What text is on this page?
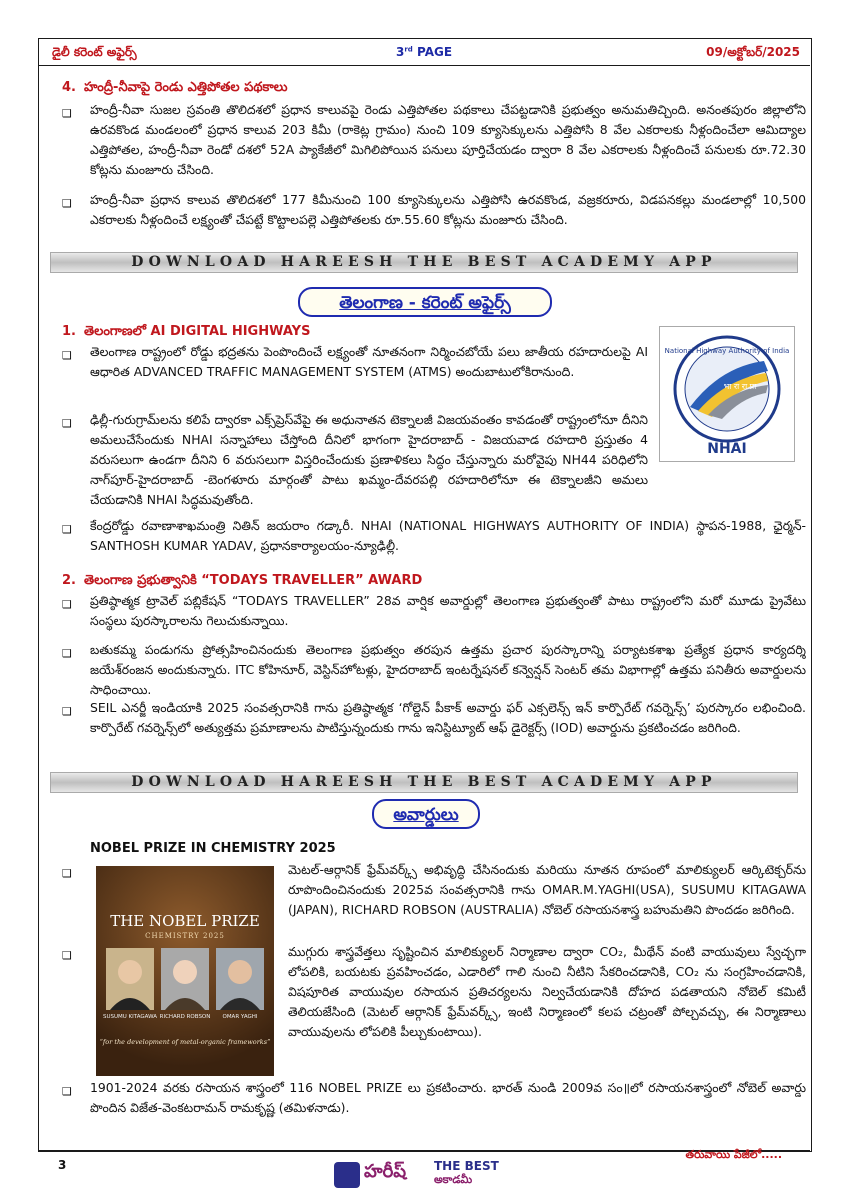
డైలీ కరెంట్ అఫైర్స్	3rd PAGE	09/అక్టోబర్/2025
4. హంద్రీ-నీవాపై రెండు ఎత్తిపోతల పథకాలు
❑
హంద్రీ-నీవా సుజల స్రవంతి తొలిదశలో ప్రధాన కాలువపై రెండు ఎత్తిపోతల పథకాలు చేపట్టడానికి ప్రభుత్వం అనుమతిచ్చింది. అనంతపురం జిల్లాలోని ఉరవకొండ మండలంలో ప్రధాన కాలువ 203 కిమీ (రాకెట్ల గ్రామం) నుంచి 109 క్యూసెక్కులను ఎత్తిపోసి 8 వేల ఎకరాలకు నీళ్లందించేలా ఆమిద్యాల ఎత్తిపోతల, హంద్రీ-నీవా రెండో దశలో 52A ప్యాకేజీలో మిగిలిపోయిన పనులు పూర్తిచేయడం ద్వారా 8 వేల ఎకరాలకు నీళ్లందించే పనులకు రూ.72.30 కోట్లను మంజూరు చేసింది.
❑
హంద్రీ-నీవా ప్రధాన కాలువ తొలిదశలో 177 కిమీనుంచి 100 క్యూసెక్కులను ఎత్తిపోసి ఉరవకొండ, వజ్రకరూరు, విడపనకల్లు మండలాల్లో 10,500 ఎకరాలకు నీళ్లందించే లక్ష్యంతో చేపట్టే కొట్టాలపల్లె ఎత్తిపోతలకు రూ.55.60 కోట్లను మంజూరు చేసింది.
DOWNLOAD HAREESH THE BEST ACADEMY APP
తెలంగాణ - కరెంట్ అఫైర్స్
1. తెలంగాణలో AI DIGITAL HIGHWAYS
❑
తెలంగాణ రాష్ట్రంలో రోడ్డు భద్రతను పెంపొందించే లక్ష్యంతో నూతనంగా నిర్మించబోయే పలు జాతీయ రహదారులపై AI ఆధారిత ADVANCED TRAFFIC MANAGEMENT SYSTEM (ATMS) అందుబాటులోకిరానుంది.
❑
ఢిల్లీ-గురుగ్రామ్‌లను కలిపే ద్వారకా ఎక్స్‌ప్రెస్‌వేపై ఈ అధునాతన టెక్నాలజీ విజయవంతం కావడంతో రాష్ట్రంలోనూ దీనిని అమలుచేసేందుకు NHAI సన్నాహాలు చేస్తోంది దీనిలో భాగంగా హైదరాబాద్ - విజయవాడ రహదారి ప్రస్తుతం 4 వరుసలుగా ఉండగా దీనిని 6 వరుసలుగా విస్తరించేందుకు ప్రణాళికలు సిద్ధం చేస్తున్నారు మరోవైపు NH44 పరిధిలోని నాగ్‌పూర్-హైదరాబాద్ -బెంగళూరు మార్గంతో పాటు ఖమ్మం-దేవరపల్లి రహదారిలోనూ ఈ టెక్నాలజీని అమలు చేయడానికి NHAI సిద్ధమవుతోంది.
❑
కేంద్రరోడ్డు రవాణాశాఖమంత్రి నితిన్ జయరాం గడ్కారీ. NHAI (NATIONAL HIGHWAYS AUTHORITY OF INDIA) స్థాపన-1988, ఛైర్మన్-SANTHOSH KUMAR YADAV, ప్రధానకార్యాలయం-న్యూఢిల్లీ.
National Highway Authority of India
भा रा रा प्रा
NHAI
2. తెలంగాణ ప్రభుత్వానికి “TODAYS TRAVELLER” AWARD
❑
ప్రతిష్ఠాత్మక ట్రావెల్ పబ్లికేషన్ “TODAYS TRAVELLER” 28వ వార్షిక అవార్డుల్లో తెలంగాణ ప్రభుత్వంతో పాటు రాష్ట్రంలోని మరో మూడు ప్రైవేటు సంస్థలు పురస్కారాలను గెలుచుకున్నాయి.
❑
బతుకమ్మ పండుగను ప్రోత్సహించినందుకు తెలంగాణ ప్రభుత్వం తరపున ఉత్తమ ప్రచార పురస్కారాన్ని పర్యాటకశాఖ ప్రత్యేక ప్రధాన కార్యదర్శి జయేశ్‌రంజన అందుకున్నారు. ITC కోహినూర్, వెస్టిన్‌హోటళ్లు, హైదరాబాద్ ఇంటర్నేషనల్ కన్వెన్షన్ సెంటర్ తమ విభాగాల్లో ఉత్తమ పనితీరు అవార్డులను సాధించాయి.
❑
SEIL ఎనర్జీ ఇండియాకి 2025 సంవత్సరానికి గాను ప్రతిష్ఠాత్మక ‘గోల్డెన్ పీకాక్ అవార్డు ఫర్ ఎక్సలెన్స్ ఇన్ కార్పొరేట్ గవర్నెన్స్’ పురస్కారం లభించింది. కార్పొరేట్ గవర్నెన్స్‌లో అత్యుత్తమ ప్రమాణాలను పాటిస్తున్నందుకు గాను ఇనిస్టిట్యూట్ ఆఫ్ డైరెక్టర్స్ (IOD) అవార్డును ప్రకటించడం జరిగింది.
DOWNLOAD HAREESH THE BEST ACADEMY APP
అవార్డులు
NOBEL PRIZE IN CHEMISTRY 2025
❑
మెటల్-ఆర్గానిక్ ఫ్రేమ్‌వర్క్స్ అభివృద్ధి చేసినందుకు మరియు నూతన రూపంలో మాలిక్యులర్ ఆర్కిటెక్చర్‌ను రూపొందించినందుకు 2025వ సంవత్సరానికి గాను OMAR.M.YAGHI(USA), SUSUMU KITAGAWA (JAPAN), RICHARD ROBSON (AUSTRALIA) నోబెల్ రసాయనశాస్త్ర బహుమతిని పొందడం జరిగింది.
❑
ముగ్గురు శాస్త్రవేత్తలు సృష్టించిన మాలిక్యులర్ నిర్మాణాల ద్వారా CO₂, మీథేన్ వంటి వాయువులు స్వేచ్ఛగా లోపలికి, బయటకు ప్రవహించడం, ఎడారిలో గాలి నుంచి నీటిని సేకరించడానికి, CO₂ ను సంగ్రహించడానికి, విషపూరిత వాయువుల రసాయన ప్రతిచర్యలను నిల్వచేయడానికి దోహద పడతాయని నోబెల్ కమిటీ తెలియజేసింది (మెటల్ ఆర్గానిక్ ఫ్రేమ్‌వర్క్స్, ఇంటి నిర్మాణంలో కలప చట్రంతో పోల్చవచ్చు, ఈ నిర్మాణాలు వాయువులను లోపలికి పీల్చుకుంటాయి).
❑
1901-2024 వరకు రసాయన శాస్త్రంలో 116 NOBEL PRIZE లు ప్రకటించారు. భారత్ నుండి 2009వ సం॥లో రసాయనశాస్త్రంలో నోబెల్ అవార్డు పొందిన విజేత-వెంకటరామన్ రామకృష్ణ (తమిళనాడు).
THE NOBEL PRIZE
CHEMISTRY 2025
SUSUMU KITAGAWA RICHARD ROBSON	OMAR YAGHI
“for the development of metal-organic frameworks”
3
తరువాయి పేజీలో.....
హరీష్ THE BEST
అకాడమీ
